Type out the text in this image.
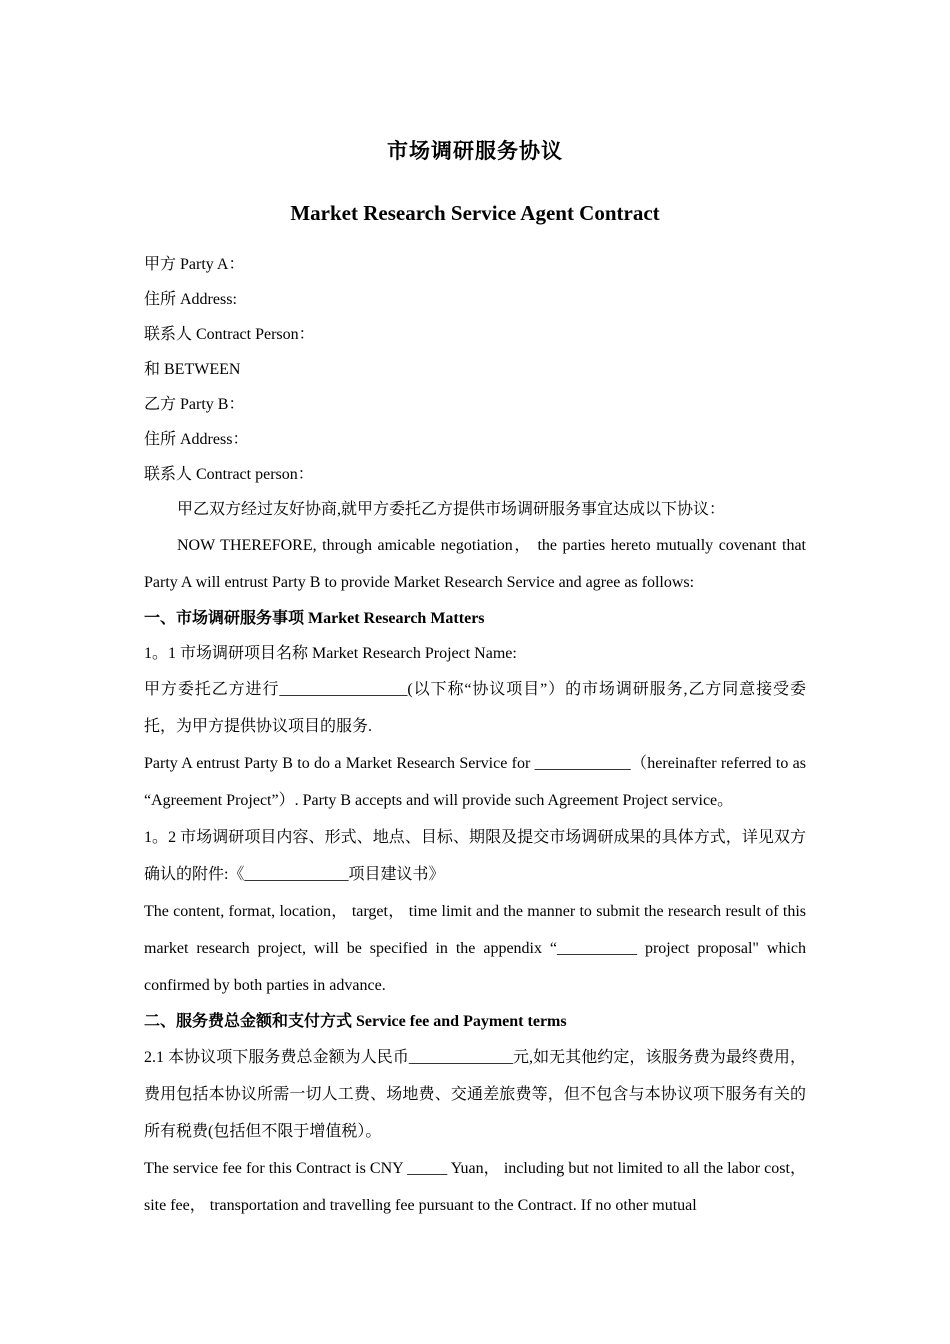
市场调研服务协议
Market Research Service Agent Contract
甲方 Party A：
住所 Address:
联系人 Contract Person：
和 BETWEEN
乙方 Party B：
住所 Address：
联系人 Contract person：
甲乙双方经过友好协商,就甲方委托乙方提供市场调研服务事宜达成以下协议：
NOW THEREFORE, through amicable negotiation， the parties hereto mutually covenant that Party A will entrust Party B to provide Market Research Service and agree as follows:
一、市场调研服务事项 Market Research Matters
1。1 市场调研项目名称 Market Research Project Name:
甲方委托乙方进行________________(以下称“协议项目”）的市场调研服务,乙方同意接受委托，为甲方提供协议项目的服务.
Party A entrust Party B to do a Market Research Service for ____________（hereinafter referred to as “Agreement Project”）. Party B accepts and will provide such Agreement Project service。
1。2 市场调研项目内容、形式、地点、目标、期限及提交市场调研成果的具体方式，详见双方确认的附件:《_____________项目建议书》
The content, format, location， target， time limit and the manner to submit the research result of this market research project, will be specified in the appendix “__________ project proposal" which confirmed by both parties in advance.
二、服务费总金额和支付方式 Service fee and Payment terms
2.1 本协议项下服务费总金额为人民币_____________元,如无其他约定，该服务费为最终费用，费用包括本协议所需一切人工费、场地费、交通差旅费等，但不包含与本协议项下服务有关的所有税费(包括但不限于增值税）。
The service fee for this Contract is CNY _____ Yuan， including but not limited to all the labor cost， site fee， transportation and travelling fee pursuant to the Contract. If no other mutual
